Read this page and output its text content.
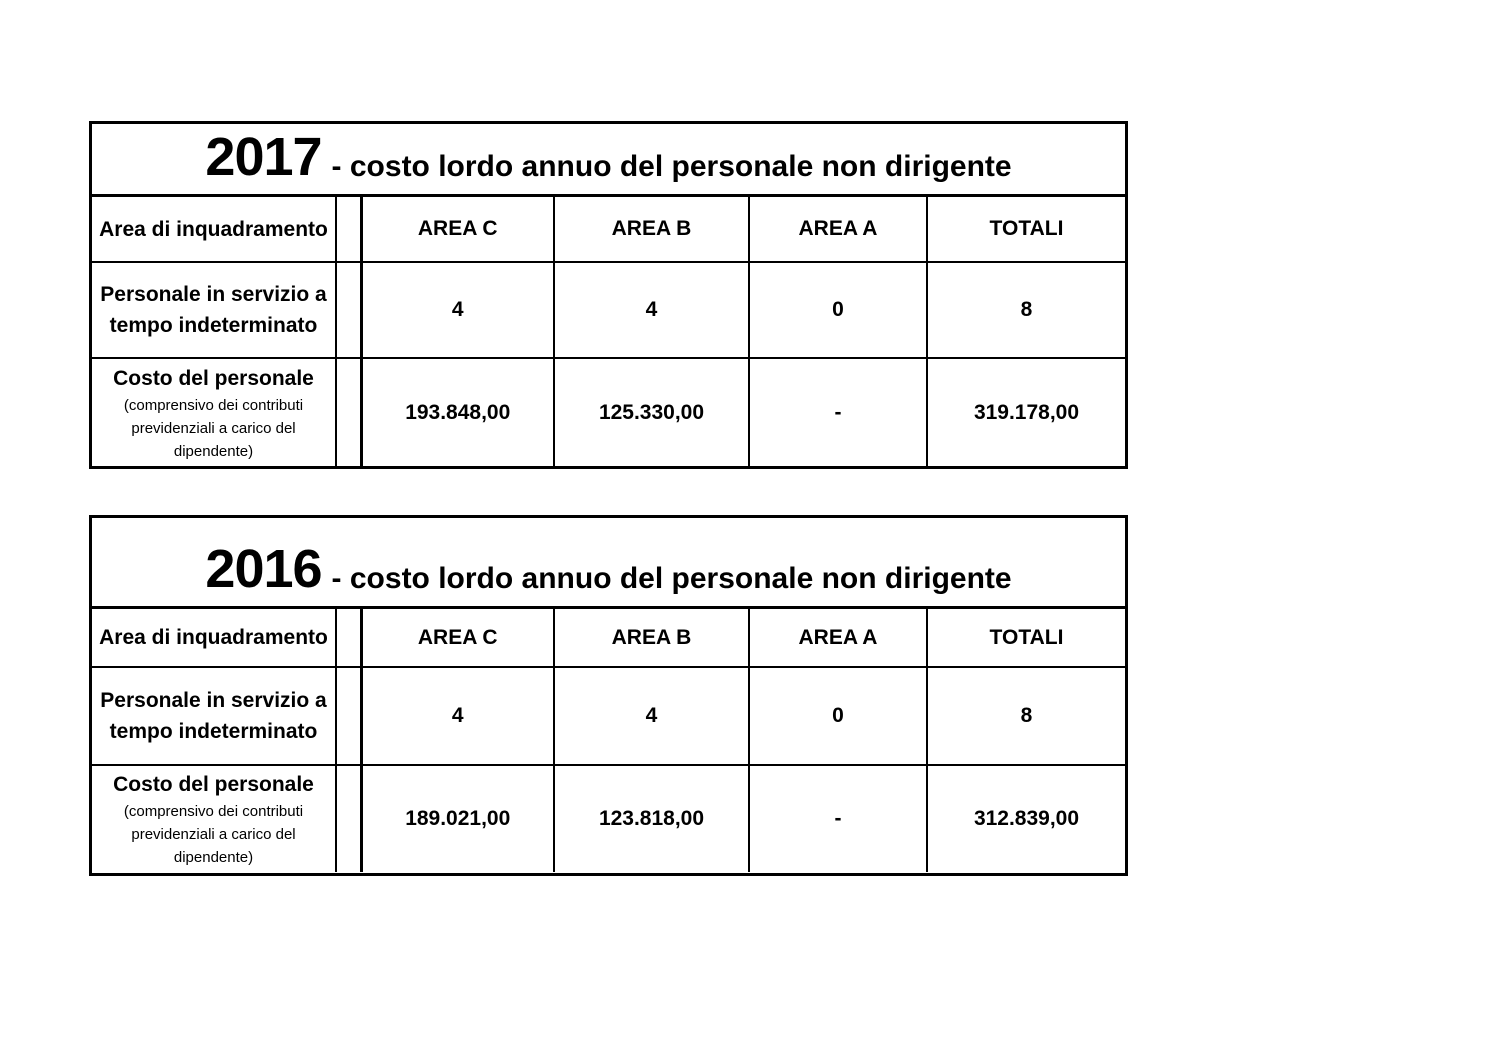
2017 - costo lordo annuo del personale non dirigente
Area di inquadramento		AREA C	AREA B	AREA A	TOTALI

Personale in servizio a tempo indeterminato		4	4	0	8

Costo del personale
(comprensivo dei contributi previdenziali a carico del dipendente)		193.848,00	125.330,00	-	319.178,00
2016 - costo lordo annuo del personale non dirigente
Area di inquadramento		AREA C	AREA B	AREA A	TOTALI

Personale in servizio a tempo indeterminato		4	4	0	8

Costo del personale
(comprensivo dei contributi previdenziali a carico del dipendente)		189.021,00	123.818,00	-	312.839,00
